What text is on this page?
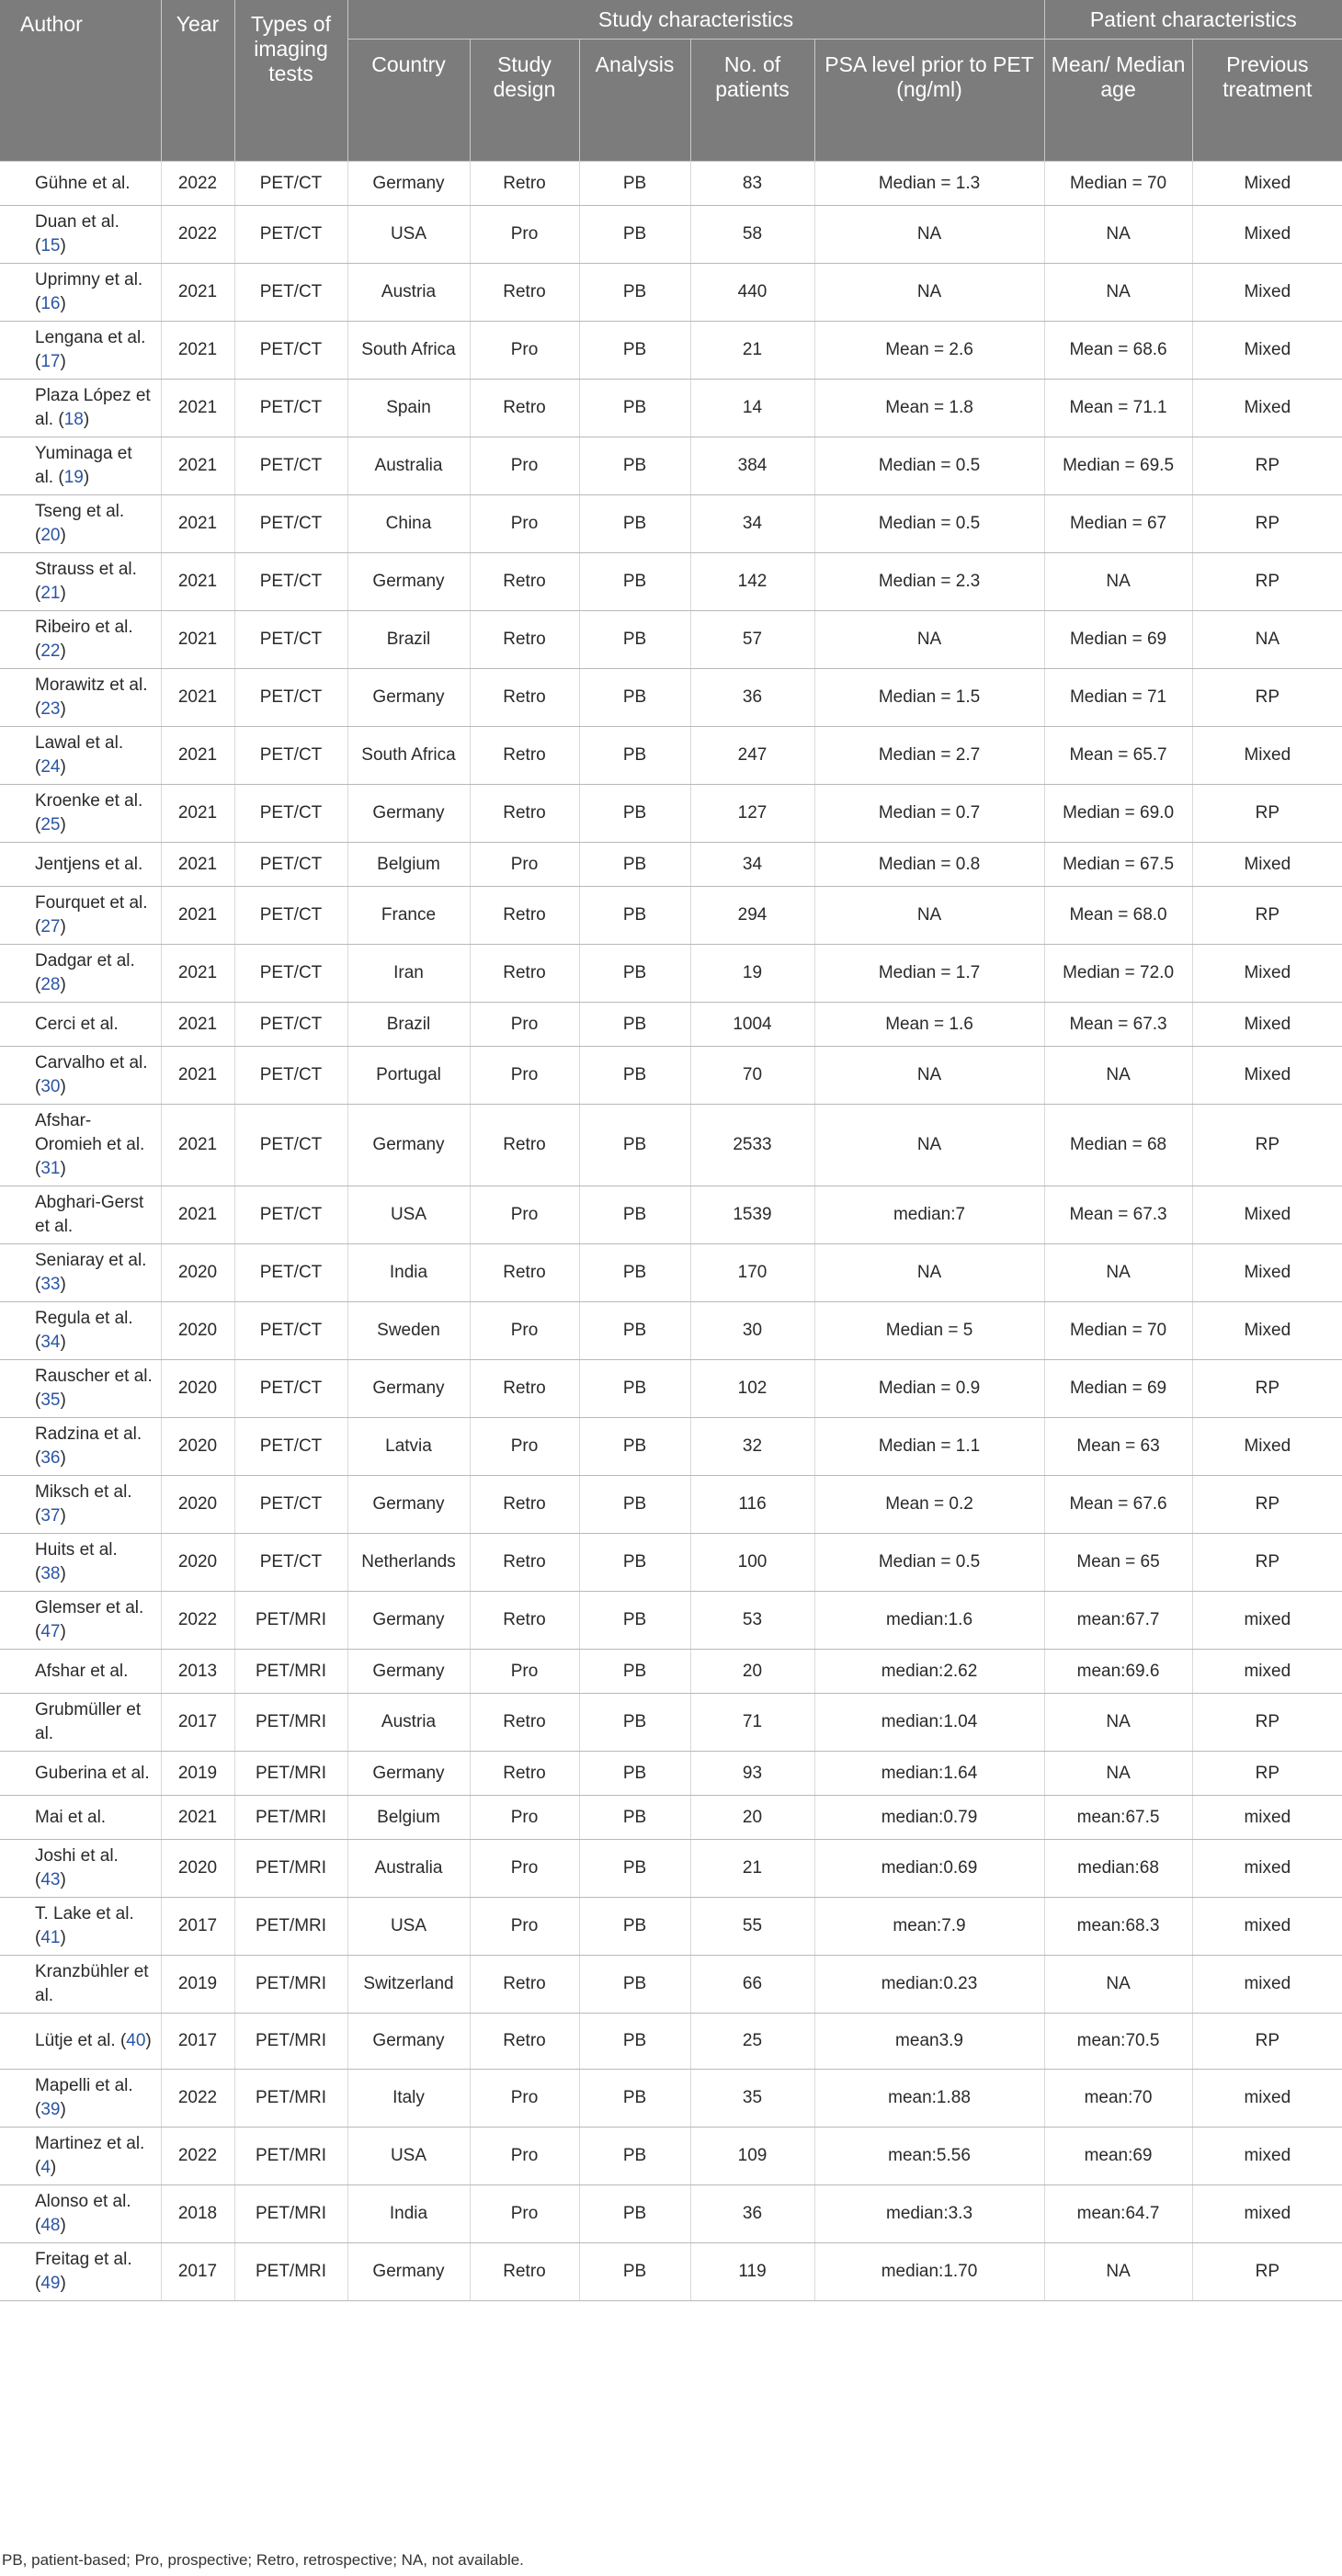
Author	Year	Types of imaging tests	Study characteristics					Patient characteristics	
			Country	Study design	Analysis	No. of patients	PSA level prior to PET (ng/ml)	Mean/ Median age	Previous treatment
Gühne et al.	2022	PET/CT	Germany	Retro	PB	83	Median = 1.3	Median = 70	Mixed
Duan et al. (15)	2022	PET/CT	USA	Pro	PB	58	NA	NA	Mixed
Uprimny et al. (16)	2021	PET/CT	Austria	Retro	PB	440	NA	NA	Mixed
Lengana et al. (17)	2021	PET/CT	South Africa	Pro	PB	21	Mean = 2.6	Mean = 68.6	Mixed
Plaza López et al. (18)	2021	PET/CT	Spain	Retro	PB	14	Mean = 1.8	Mean = 71.1	Mixed
Yuminaga et al. (19)	2021	PET/CT	Australia	Pro	PB	384	Median = 0.5	Median = 69.5	RP
Tseng et al. (20)	2021	PET/CT	China	Pro	PB	34	Median = 0.5	Median = 67	RP
Strauss et al. (21)	2021	PET/CT	Germany	Retro	PB	142	Median = 2.3	NA	RP
Ribeiro et al. (22)	2021	PET/CT	Brazil	Retro	PB	57	NA	Median = 69	NA
Morawitz et al. (23)	2021	PET/CT	Germany	Retro	PB	36	Median = 1.5	Median = 71	RP
Lawal et al. (24)	2021	PET/CT	South Africa	Retro	PB	247	Median = 2.7	Mean = 65.7	Mixed
Kroenke et al. (25)	2021	PET/CT	Germany	Retro	PB	127	Median = 0.7	Median = 69.0	RP
Jentjens et al.	2021	PET/CT	Belgium	Pro	PB	34	Median = 0.8	Median = 67.5	Mixed
Fourquet et al. (27)	2021	PET/CT	France	Retro	PB	294	NA	Mean = 68.0	RP
Dadgar et al. (28)	2021	PET/CT	Iran	Retro	PB	19	Median = 1.7	Median = 72.0	Mixed
Cerci et al.	2021	PET/CT	Brazil	Pro	PB	1004	Mean = 1.6	Mean = 67.3	Mixed
Carvalho et al. (30)	2021	PET/CT	Portugal	Pro	PB	70	NA	NA	Mixed
Afshar-Oromieh et al. (31)	2021	PET/CT	Germany	Retro	PB	2533	NA	Median = 68	RP
Abghari-Gerst et al.	2021	PET/CT	USA	Pro	PB	1539	median:7	Mean = 67.3	Mixed
Seniaray et al. (33)	2020	PET/CT	India	Retro	PB	170	NA	NA	Mixed
Regula et al. (34)	2020	PET/CT	Sweden	Pro	PB	30	Median = 5	Median = 70	Mixed
Rauscher et al. (35)	2020	PET/CT	Germany	Retro	PB	102	Median = 0.9	Median = 69	RP
Radzina et al. (36)	2020	PET/CT	Latvia	Pro	PB	32	Median = 1.1	Mean = 63	Mixed
Miksch et al. (37)	2020	PET/CT	Germany	Retro	PB	116	Mean = 0.2	Mean = 67.6	RP
Huits et al. (38)	2020	PET/CT	Netherlands	Retro	PB	100	Median = 0.5	Mean = 65	RP
Glemser et al. (47)	2022	PET/MRI	Germany	Retro	PB	53	median:1.6	mean:67.7	mixed
Afshar et al.	2013	PET/MRI	Germany	Pro	PB	20	median:2.62	mean:69.6	mixed
Grubmüller et al.	2017	PET/MRI	Austria	Retro	PB	71	median:1.04	NA	RP
Guberina et al.	2019	PET/MRI	Germany	Retro	PB	93	median:1.64	NA	RP
Mai et al.	2021	PET/MRI	Belgium	Pro	PB	20	median:0.79	mean:67.5	mixed
Joshi et al. (43)	2020	PET/MRI	Australia	Pro	PB	21	median:0.69	median:68	mixed
T. Lake et al. (41)	2017	PET/MRI	USA	Pro	PB	55	mean:7.9	mean:68.3	mixed
Kranzbühler et al.	2019	PET/MRI	Switzerland	Retro	PB	66	median:0.23	NA	mixed
Lütje et al. (40)	2017	PET/MRI	Germany	Retro	PB	25	mean3.9	mean:70.5	RP
Mapelli et al. (39)	2022	PET/MRI	Italy	Pro	PB	35	mean:1.88	mean:70	mixed
Martinez et al. (4)	2022	PET/MRI	USA	Pro	PB	109	mean:5.56	mean:69	mixed
Alonso et al. (48)	2018	PET/MRI	India	Pro	PB	36	median:3.3	mean:64.7	mixed
Freitag et al. (49)	2017	PET/MRI	Germany	Retro	PB	119	median:1.70	NA	RP

PB, patient-based; Pro, prospective; Retro, retrospective; NA, not available.
